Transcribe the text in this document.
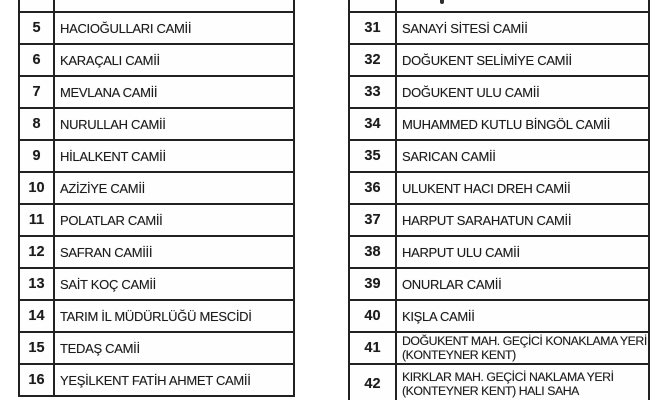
5	HACIOĞULLARI CAMİİ
6	KARAÇALI CAMİİ
7	MEVLANA CAMİİ
8	NURULLAH CAMİİ
9	HİLALKENT CAMİİ
10	AZİZİYE CAMİİ
11	POLATLAR CAMİİ
12	SAFRAN CAMİİİ
13	SAİT KOÇ CAMİİ
14	TARIM İL MÜDÜRLÜĞÜ MESCİDİ
15	TEDAŞ CAMİİ
16	YEŞİLKENT FATİH AHMET CAMİİ
31	SANAYİ SİTESİ CAMİİ
32	DOĞUKENT SELİMİYE CAMİİ
33	DOĞUKENT ULU CAMİİ
34	MUHAMMED KUTLU BİNGÖL CAMİİ
35	SARICAN CAMİİ
36	ULUKENT HACI DREH CAMİİ
37	HARPUT SARAHATUN CAMİİ
38	HARPUT ULU CAMİİ
39	ONURLAR CAMİİ
40	KIŞLA CAMİİ
41	DOĞUKENT MAH. GEÇİCİ KONAKLAMA YERİ
(KONTEYNER KENT)
42	KIRKLAR MAH. GEÇİCİ NAKLAMA YERİ
(KONTEYNER KENT) HALI SAHA
